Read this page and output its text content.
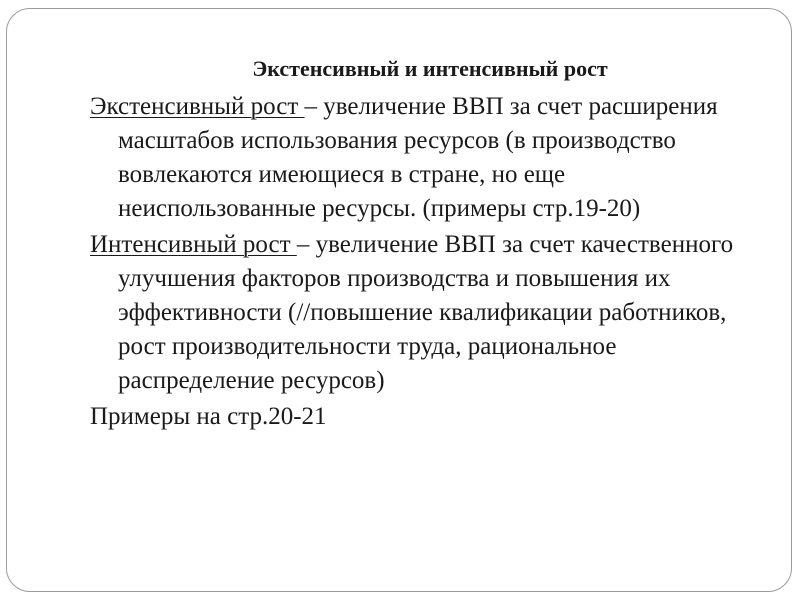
Экстенсивный и интенсивный рост
Экстенсивный рост – увеличение ВВП за счет расширения масштабов использования ресурсов (в производство вовлекаются имеющиеся в стране, но еще неиспользованные ресурсы. (примеры стр.19-20)
Интенсивный рост – увеличение ВВП за счет качественного улучшения факторов производства и повышения их эффективности (//повышение квалификации работников, рост производительности труда, рациональное распределение ресурсов)
Примеры на стр.20-21
